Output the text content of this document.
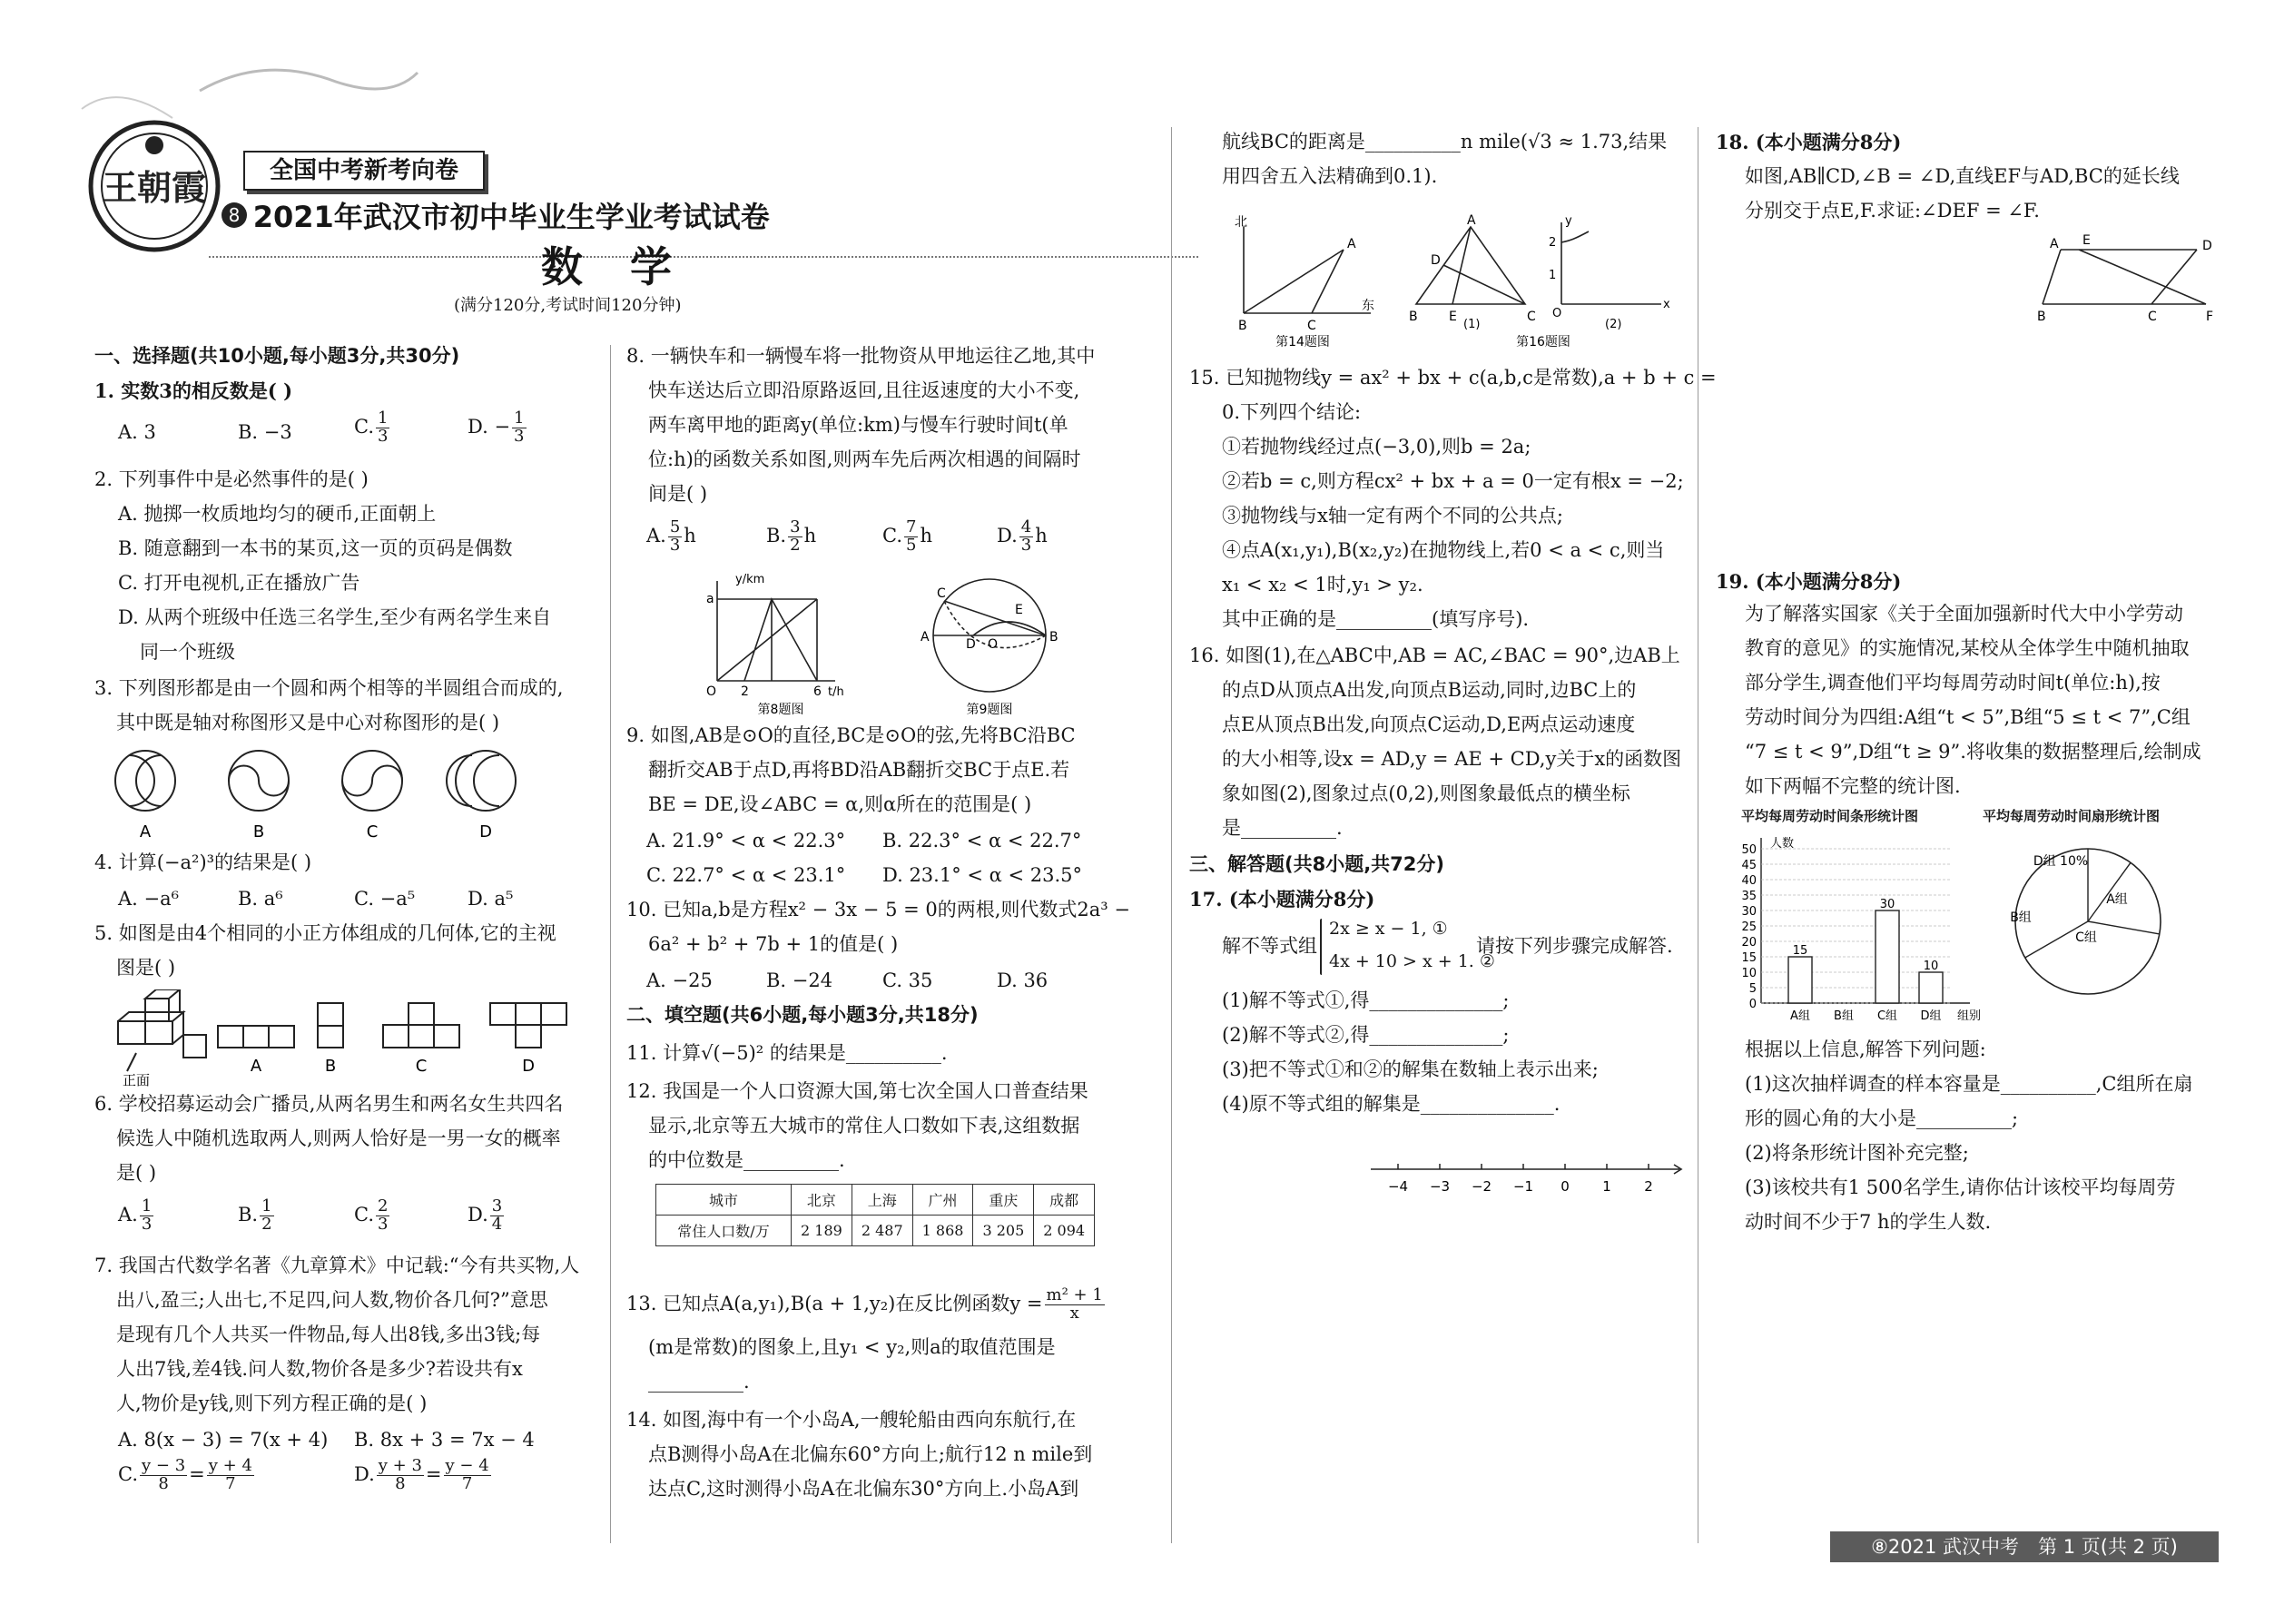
王朝霞	全国中考新考向卷
8 2021年武汉市初中毕业生学业考试试卷
数 学
(满分120分,考试时间120分钟)
一、选择题(共10小题,每小题3分,共30分)
1. 实数3的相反数是( )
A. 3	B. −3	C. $\frac{1}{3}$	D. − $\frac{1}{3}$
2. 下列事件中是必然事件的是( )
A. 抛掷一枚质地均匀的硬币,正面朝上
B. 随意翻到一本书的某页,这一页的页码是偶数
C. 打开电视机,正在播放广告
D. 从两个班级中任选三名学生,至少有两名学生来自
同一个班级
3. 下列图形都是由一个圆和两个相等的半圆组合而成的,
其中既是轴对称图形又是中心对称图形的是( )
A	B	C	D
4. 计算(−a²)³的结果是( )
A. −a⁶	B. a⁶	C. −a⁵	D. a⁵
5. 如图是由4个相同的小正方体组成的几何体,它的主视
图是( )
正面
A	B	C	D
6. 学校招募运动会广播员,从两名男生和两名女生共四名
候选人中随机选取两人,则两人恰好是一男一女的概率
是( )
A. $\frac{1}{3}$	B. $\frac{1}{2}$	C. $\frac{2}{3}$	D. $\frac{3}{4}$
7. 我国古代数学名著《九章算术》中记载:“今有共买物,人
出八,盈三;人出七,不足四,问人数,物价各几何?”意思
是现有几个人共买一件物品,每人出8钱,多出3钱;每
人出7钱,差4钱.问人数,物价各是多少?若设共有x
人,物价是y钱,则下列方程正确的是( )
A. 8(x − 3) = 7(x + 4) B. 8x + 3 = 7x − 4
C. $\frac{y - 3}{8} = \frac{y + 4}{7}$	D. $\frac{y + 3}{8} = \frac{y - 4}{7}$
8. 一辆快车和一辆慢车将一批物资从甲地运往乙地,其中
快车送达后立即沿原路返回,且往返速度的大小不变,
两车离甲地的距离y(单位:km)与慢车行驶时间t(单
位:h)的函数关系如图,则两车先后两次相遇的间隔时
间是( )
A. $\frac{5}{3}$ h	B. $\frac{3}{2}$ h	C. $\frac{7}{5}$ h	D. $\frac{4}{3}$ h
y/km
a
O 2	6 t/h
第8题图
C
E
A	D O	B
第9题图
9. 如图,AB是⊙O的直径,BC是⊙O的弦,先将BC沿BC
翻折交AB于点D,再将BD沿AB翻折交BC于点E.若
BE = DE,设∠ABC = α,则α所在的范围是( )
A. 21.9° < α < 22.3° B. 22.3° < α < 22.7°
C. 22.7° < α < 23.1° D. 23.1° < α < 23.5°
10. 已知a,b是方程x² − 3x − 5 = 0的两根,则代数式2a³ −
6a² + b² + 7b + 1的值是( )
A. −25	B. −24	C. 35	D. 36
二、填空题(共6小题,每小题3分,共18分)
11. 计算√(−5)² 的结果是__________.
12. 我国是一个人口资源大国,第七次全国人口普查结果
显示,北京等五大城市的常住人口数如下表,这组数据
的中位数是__________.
城市	北京	上海	广州	重庆	成都
常住人口数/万	2 189	2 487	1 868	3 205	2 094
13. 已知点A(a,y₁),B(a + 1,y₂)在反比例函数$y = \frac{\text{m² + 1}}{x}$
(m是常数)的图象上,且y₁ < y₂,则a的取值范围是
__________.
14. 如图,海中有一个小岛A,一艘轮船由西向东航行,在
点B测得小岛A在北偏东60°方向上;航行12 n mile到
达点C,这时测得小岛A在北偏东30°方向上.小岛A到
航线BC的距离是__________n mile(√3 ≈ 1.73,结果
用四舍五入法精确到0.1).
北
东
A
B	C
第14题图
A
D
B E	C
(1)
2
1
O
y
x
(2)
第16题图
15. 已知抛物线y = ax² + bx + c(a,b,c是常数),a + b + c =
0.下列四个结论:
①若抛物线经过点(−3,0),则b = 2a;
②若b = c,则方程cx² + bx + a = 0一定有根x = −2;
③抛物线与x轴一定有两个不同的公共点;
④点A(x₁,y₁),B(x₂,y₂)在抛物线上,若0 < a < c,则当
x₁ < x₂ < 1时,y₁ > y₂.
其中正确的是__________(填写序号).
16. 如图(1),在△ABC中,AB = AC,∠BAC = 90°,边AB上
的点D从顶点A出发,向顶点B运动,同时,边BC上的
点E从顶点B出发,向顶点C运动,D,E两点运动速度
的大小相等,设x = AD,y = AE + CD,y关于x的函数图
象如图(2),图象过点(0,2),则图象最低点的横坐标
是__________.
三、解答题(共8小题,共72分)
17. (本小题满分8分)
解不等式组
2x ≥ x − 1, ①
4x + 10 > x + 1. ②
请按下列步骤完成解答.
(1)解不等式①,得______________;
(2)解不等式②,得______________;
(3)把不等式①和②的解集在数轴上表示出来;
(4)原不等式组的解集是______________.
−4 −3 −2 −1 0 1 2
18. (本小题满分8分)
如图,AB∥CD,∠B = ∠D,直线EF与AD,BC的延长线
分别交于点E,F.求证:∠DEF = ∠F.
A E	D
B	C	F
19. (本小题满分8分)
为了解落实国家《关于全面加强新时代大中小学劳动
教育的意见》的实施情况,某校从全体学生中随机抽取
部分学生,调查他们平均每周劳动时间t(单位:h),按
劳动时间分为四组:A组“t < 5”,B组“5 ≤ t < 7”,C组
“7 ≤ t < 9”,D组“t ≥ 9”.将收集的数据整理后,绘制成
如下两幅不完整的统计图.
平均每周劳动时间条形统计图	平均每周劳动时间扇形统计图
0
5
10
15
20
25
30
35
40
45
50 人数
组别
15
A组 B组
30
C组
10
D组
D组 10%
A组
C组
B组
根据以上信息,解答下列问题:
(1)这次抽样调查的样本容量是__________,C组所在扇
形的圆心角的大小是__________;
(2)将条形统计图补充完整;
(3)该校共有1 500名学生,请你估计该校平均每周劳
动时间不少于7 h的学生人数.
⑧2021 武汉中考　第 1 页(共 2 页)
